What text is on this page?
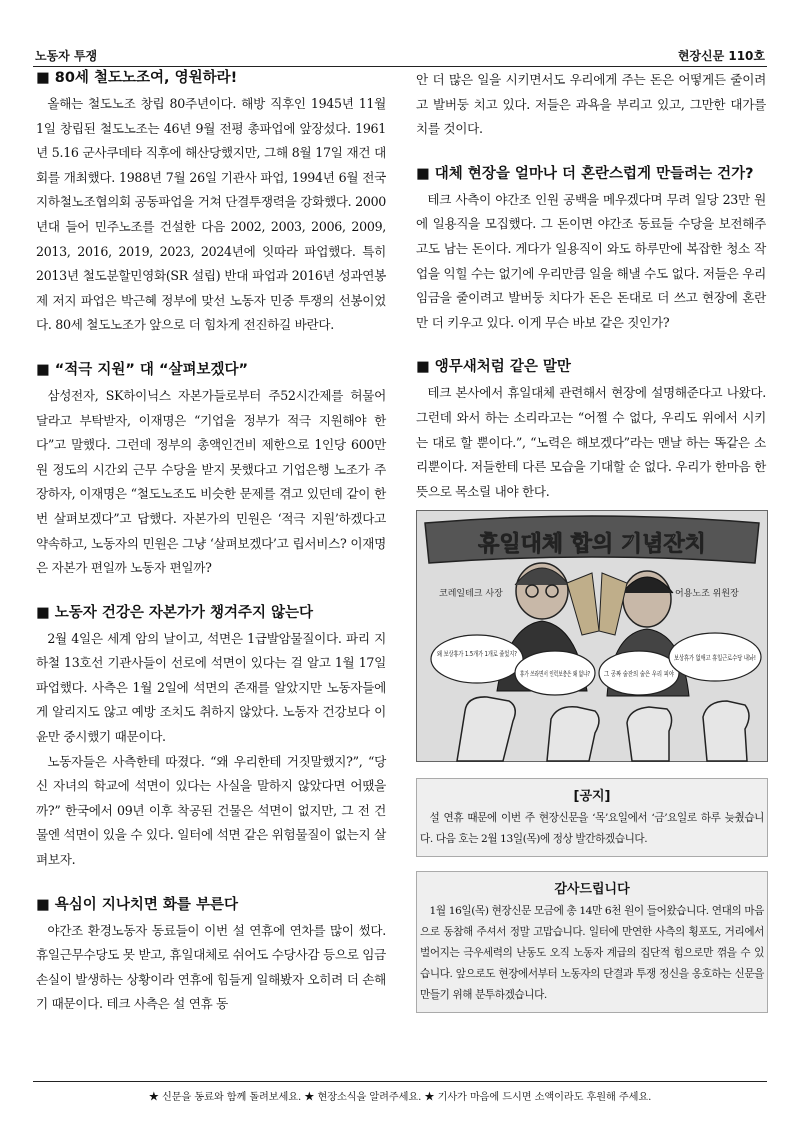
노동자 투쟁	현장신문 110호
■ 80세 철도노조여, 영원하라!

올해는 철도노조 창립 80주년이다. 해방 직후인 1945년 11월 1일 창립된 철도노조는 46년 9월 전평 총파업에 앞장섰다. 1961년 5.16 군사쿠데타 직후에 해산당했지만, 그해 8월 17일 재건 대회를 개최했다. 1988년 7월 26일 기관사 파업, 1994년 6월 전국지하철노조협의회 공동파업을 거쳐 단결투쟁력을 강화했다. 2000년대 들어 민주노조를 건설한 다음 2002, 2003, 2006, 2009, 2013, 2016, 2019, 2023, 2024년에 잇따라 파업했다. 특히 2013년 철도분할민영화(SR 설립) 반대 파업과 2016년 성과연봉제 저지 파업은 박근혜 정부에 맞선 노동자 민중 투쟁의 선봉이었다. 80세 철도노조가 앞으로 더 힘차게 전진하길 바란다.

■ “적극 지원” 대 “살펴보겠다”

삼성전자, SK하이닉스 자본가들로부터 주52시간제를 허물어 달라고 부탁받자, 이재명은 “기업을 정부가 적극 지원해야 한다”고 말했다. 그런데 정부의 총액인건비 제한으로 1인당 600만 원 정도의 시간외 근무 수당을 받지 못했다고 기업은행 노조가 주장하자, 이재명은 “철도노조도 비슷한 문제를 겪고 있던데 같이 한번 살펴보겠다”고 답했다. 자본가의 민원은 ‘적극 지원’하겠다고 약속하고, 노동자의 민원은 그냥 ‘살펴보겠다’고 립서비스? 이재명은 자본가 편일까 노동자 편일까?

■ 노동자 건강은 자본가가 챙겨주지 않는다

2월 4일은 세계 암의 날이고, 석면은 1급발암물질이다. 파리 지하철 13호선 기관사들이 선로에 석면이 있다는 걸 알고 1월 17일 파업했다. 사측은 1월 2일에 석면의 존재를 알았지만 노동자들에게 알리지도 않고 예방 조치도 취하지 않았다. 노동자 건강보다 이윤만 중시했기 때문이다.

노동자들은 사측한테 따졌다. “왜 우리한테 거짓말했지?”, “당신 자녀의 학교에 석면이 있다는 사실을 말하지 않았다면 어땠을까?” 한국에서 09년 이후 착공된 건물은 석면이 없지만, 그 전 건물엔 석면이 있을 수 있다. 일터에 석면 같은 위험물질이 없는지 살펴보자.

■ 욕심이 지나치면 화를 부른다

야간조 환경노동자 동료들이 이번 설 연휴에 연차를 많이 썼다. 휴일근무수당도 못 받고, 휴일대체로 쉬어도 수당사감 등으로 임금 손실이 발생하는 상황이라 연휴에 힘들게 일해봤자 오히려 더 손해기 때문이다. 테크 사측은 설 연휴 동

안 더 많은 일을 시키면서도 우리에게 주는 돈은 어떻게든 줄이려고 발버둥 치고 있다. 저들은 과욕을 부리고 있고, 그만한 대가를 치를 것이다.

■ 대체 현장을 얼마나 더 혼란스럽게 만들려는 건가?

테크 사측이 야간조 인원 공백을 메우겠다며 무려 일당 23만 원에 일용직을 모집했다. 그 돈이면 야간조 동료들 수당을 보전해주고도 남는 돈이다. 게다가 일용직이 와도 하루만에 복잡한 청소 작업을 익힐 수는 없기에 우리만큼 일을 해낼 수도 없다. 저들은 우리 임금을 줄이려고 발버둥 치다가 돈은 돈대로 더 쓰고 현장에 혼란만 더 키우고 있다. 이게 무슨 바보 같은 짓인가?

■ 앵무새처럼 같은 말만

테크 본사에서 휴일대체 관련해서 현장에 설명해준다고 나왔다. 그런데 와서 하는 소리라고는 “어쩔 수 없다, 우리도 위에서 시키는 대로 할 뿐이다.”, “노력은 해보겠다”라는 맨날 하는 똑같은 소리뿐이다. 저들한테 다른 모습을 기대할 순 없다. 우리가 한마음 한뜻으로 목소릴 내야 한다.

휴일대체 합의 기념잔치
코레일테크 사장	어용노조 위원장
왜 보상휴가 1.5개가 1개로 줄었지?
휴가 쓰라면서 인력보충은 왜 없냐?
그 공짜 술잔의 술은 우리 피야
보상휴가 없애고 휴일근로수당 내놔!
[공지]

설 연휴 때문에 이번 주 현장신문을 ‘목’요일에서 ‘금’요일로 하루 늦췄습니다. 다음 호는 2월 13일(목)에 정상 발간하겠습니다.

감사드립니다

1월 16일(목) 현장신문 모금에 총 14만 6천 원이 들어왔습니다. 연대의 마음으로 동참해 주셔서 정말 고맙습니다. 일터에 만연한 사측의 횡포도, 거리에서 벌어지는 극우세력의 난동도 오직 노동자 계급의 집단적 힘으로만 꺾을 수 있습니다. 앞으로도 현장에서부터 노동자의 단결과 투쟁 정신을 옹호하는 신문을 만들기 위해 분투하겠습니다.

★ 신문을 동료와 함께 돌려보세요. ★ 현장소식을 알려주세요. ★ 기사가 마음에 드시면 소액이라도 후원해 주세요.
